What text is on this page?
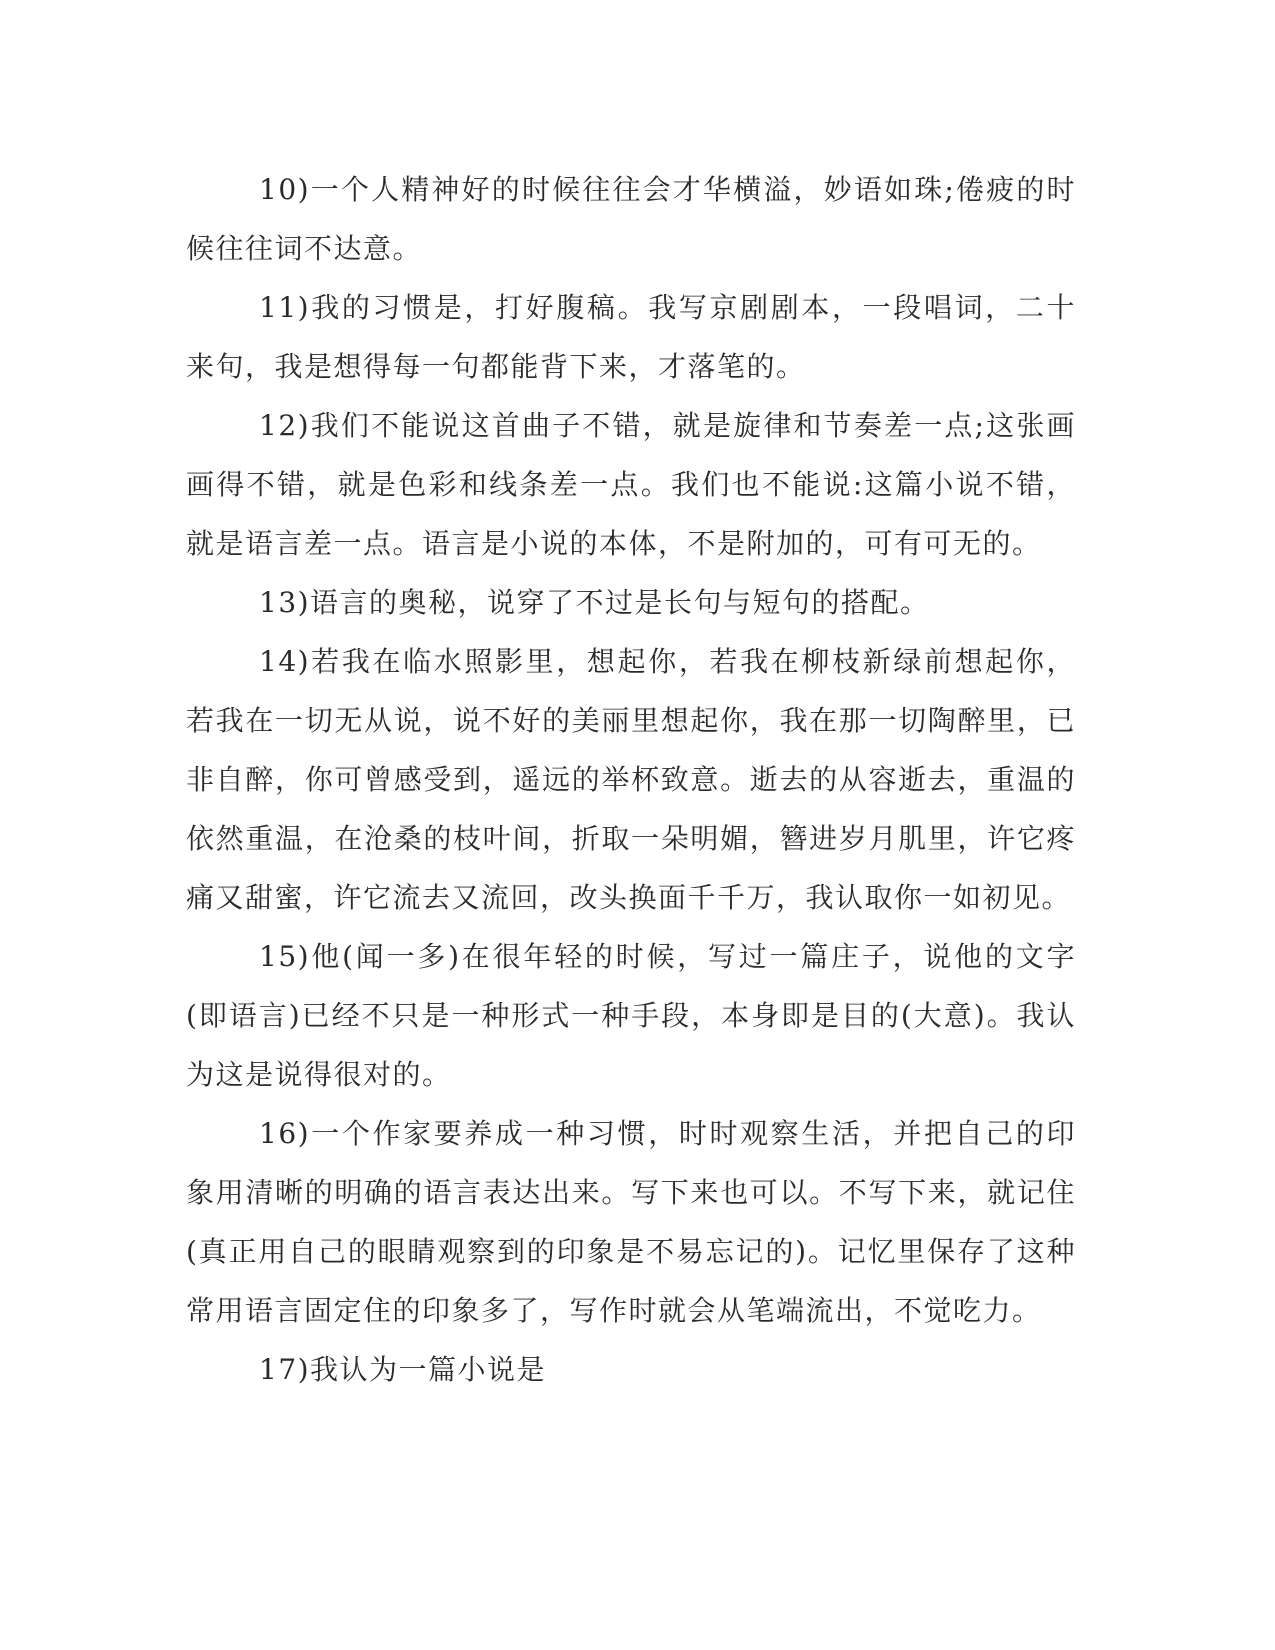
10)一个人精神好的时候往往会才华横溢，妙语如珠;倦疲的时候往往词不达意。

11)我的习惯是，打好腹稿。我写京剧剧本，一段唱词，二十来句，我是想得每一句都能背下来，才落笔的。

12)我们不能说这首曲子不错，就是旋律和节奏差一点;这张画画得不错，就是色彩和线条差一点。我们也不能说:这篇小说不错，就是语言差一点。语言是小说的本体，不是附加的，可有可无的。

13)语言的奥秘，说穿了不过是长句与短句的搭配。

14)若我在临水照影里，想起你，若我在柳枝新绿前想起你，若我在一切无从说，说不好的美丽里想起你，我在那一切陶醉里，已非自醉，你可曾感受到，遥远的举杯致意。逝去的从容逝去，重温的依然重温，在沧桑的枝叶间，折取一朵明媚，簪进岁月肌里，许它疼痛又甜蜜，许它流去又流回，改头换面千千万，我认取你一如初见。

15)他(闻一多)在很年轻的时候，写过一篇庄子，说他的文字(即语言)已经不只是一种形式一种手段，本身即是目的(大意)。我认为这是说得很对的。

16)一个作家要养成一种习惯，时时观察生活，并把自己的印象用清晰的明确的语言表达出来。写下来也可以。不写下来，就记住(真正用自己的眼睛观察到的印象是不易忘记的)。记忆里保存了这种常用语言固定住的印象多了，写作时就会从笔端流出，不觉吃力。

17)我认为一篇小说是
